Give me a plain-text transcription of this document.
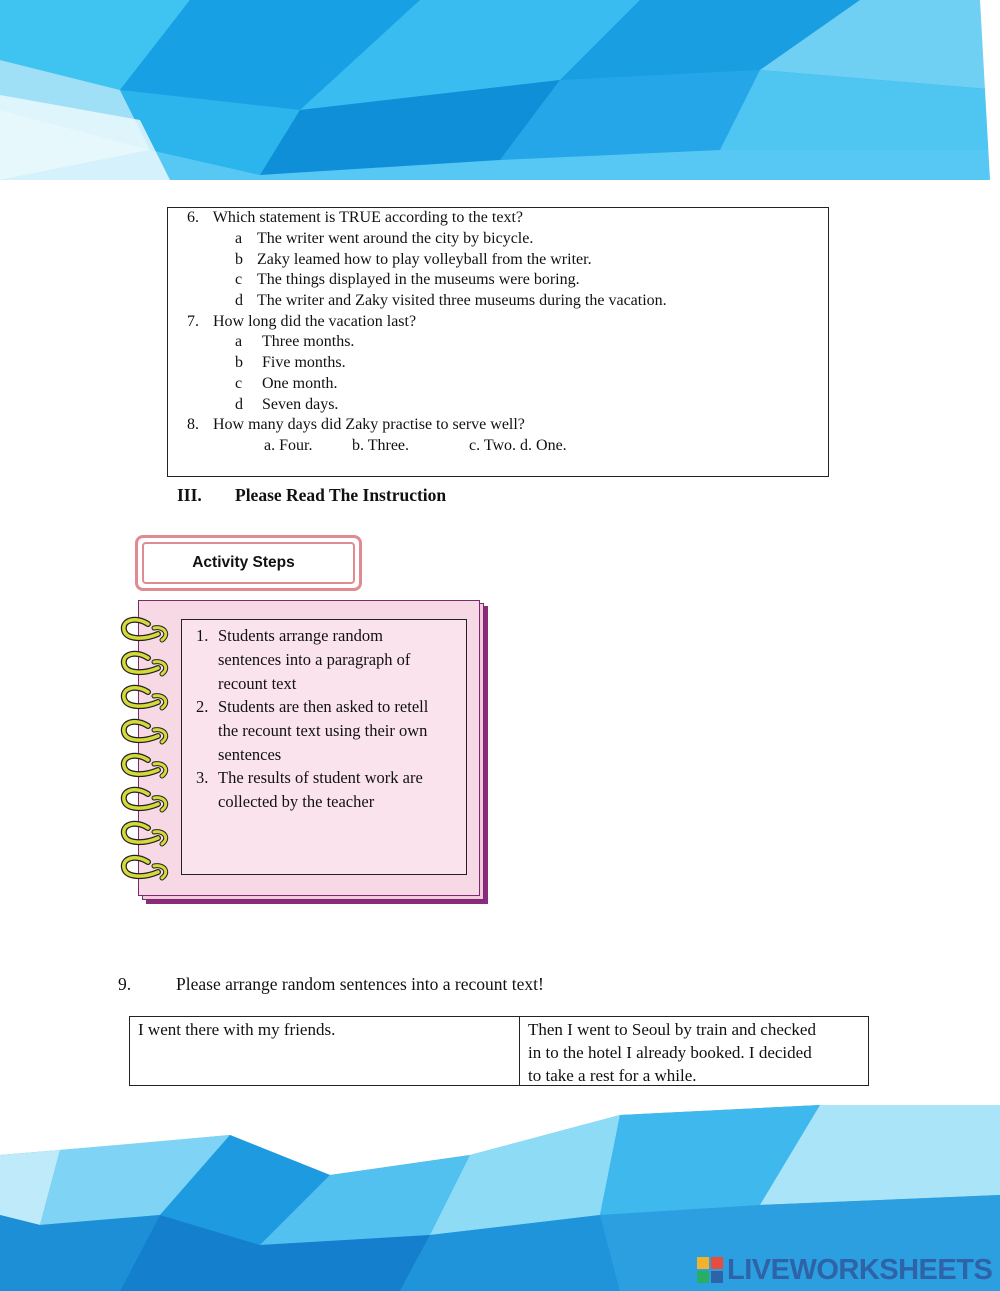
6. Which statement is TRUE according to the text?
a The writer went around the city by bicycle.
b Zaky leamed how to play volleyball from the writer.
c The things displayed in the museums were boring.
d The writer and Zaky visited three museums during the vacation.
7. How long did the vacation last?
a Three months.
b Five months.
c One month.
d Seven days.
8. How many days did Zaky practise to serve well?
a. Four. b. Three.	c. Two. d. One.
III. Please Read The Instruction
Activity Steps
1. Students arrange random
sentences into a paragraph of
recount text
2. Students are then asked to retell
the recount text using their own
sentences
3. The results of student work are
collected by the teacher
9.	Please arrange random sentences into a recount text!
I went there with my friends.	Then I went to Seoul by train and checked
in to the hotel I already booked. I decided
to take a rest for a while.
LIVEWORKSHEETS
